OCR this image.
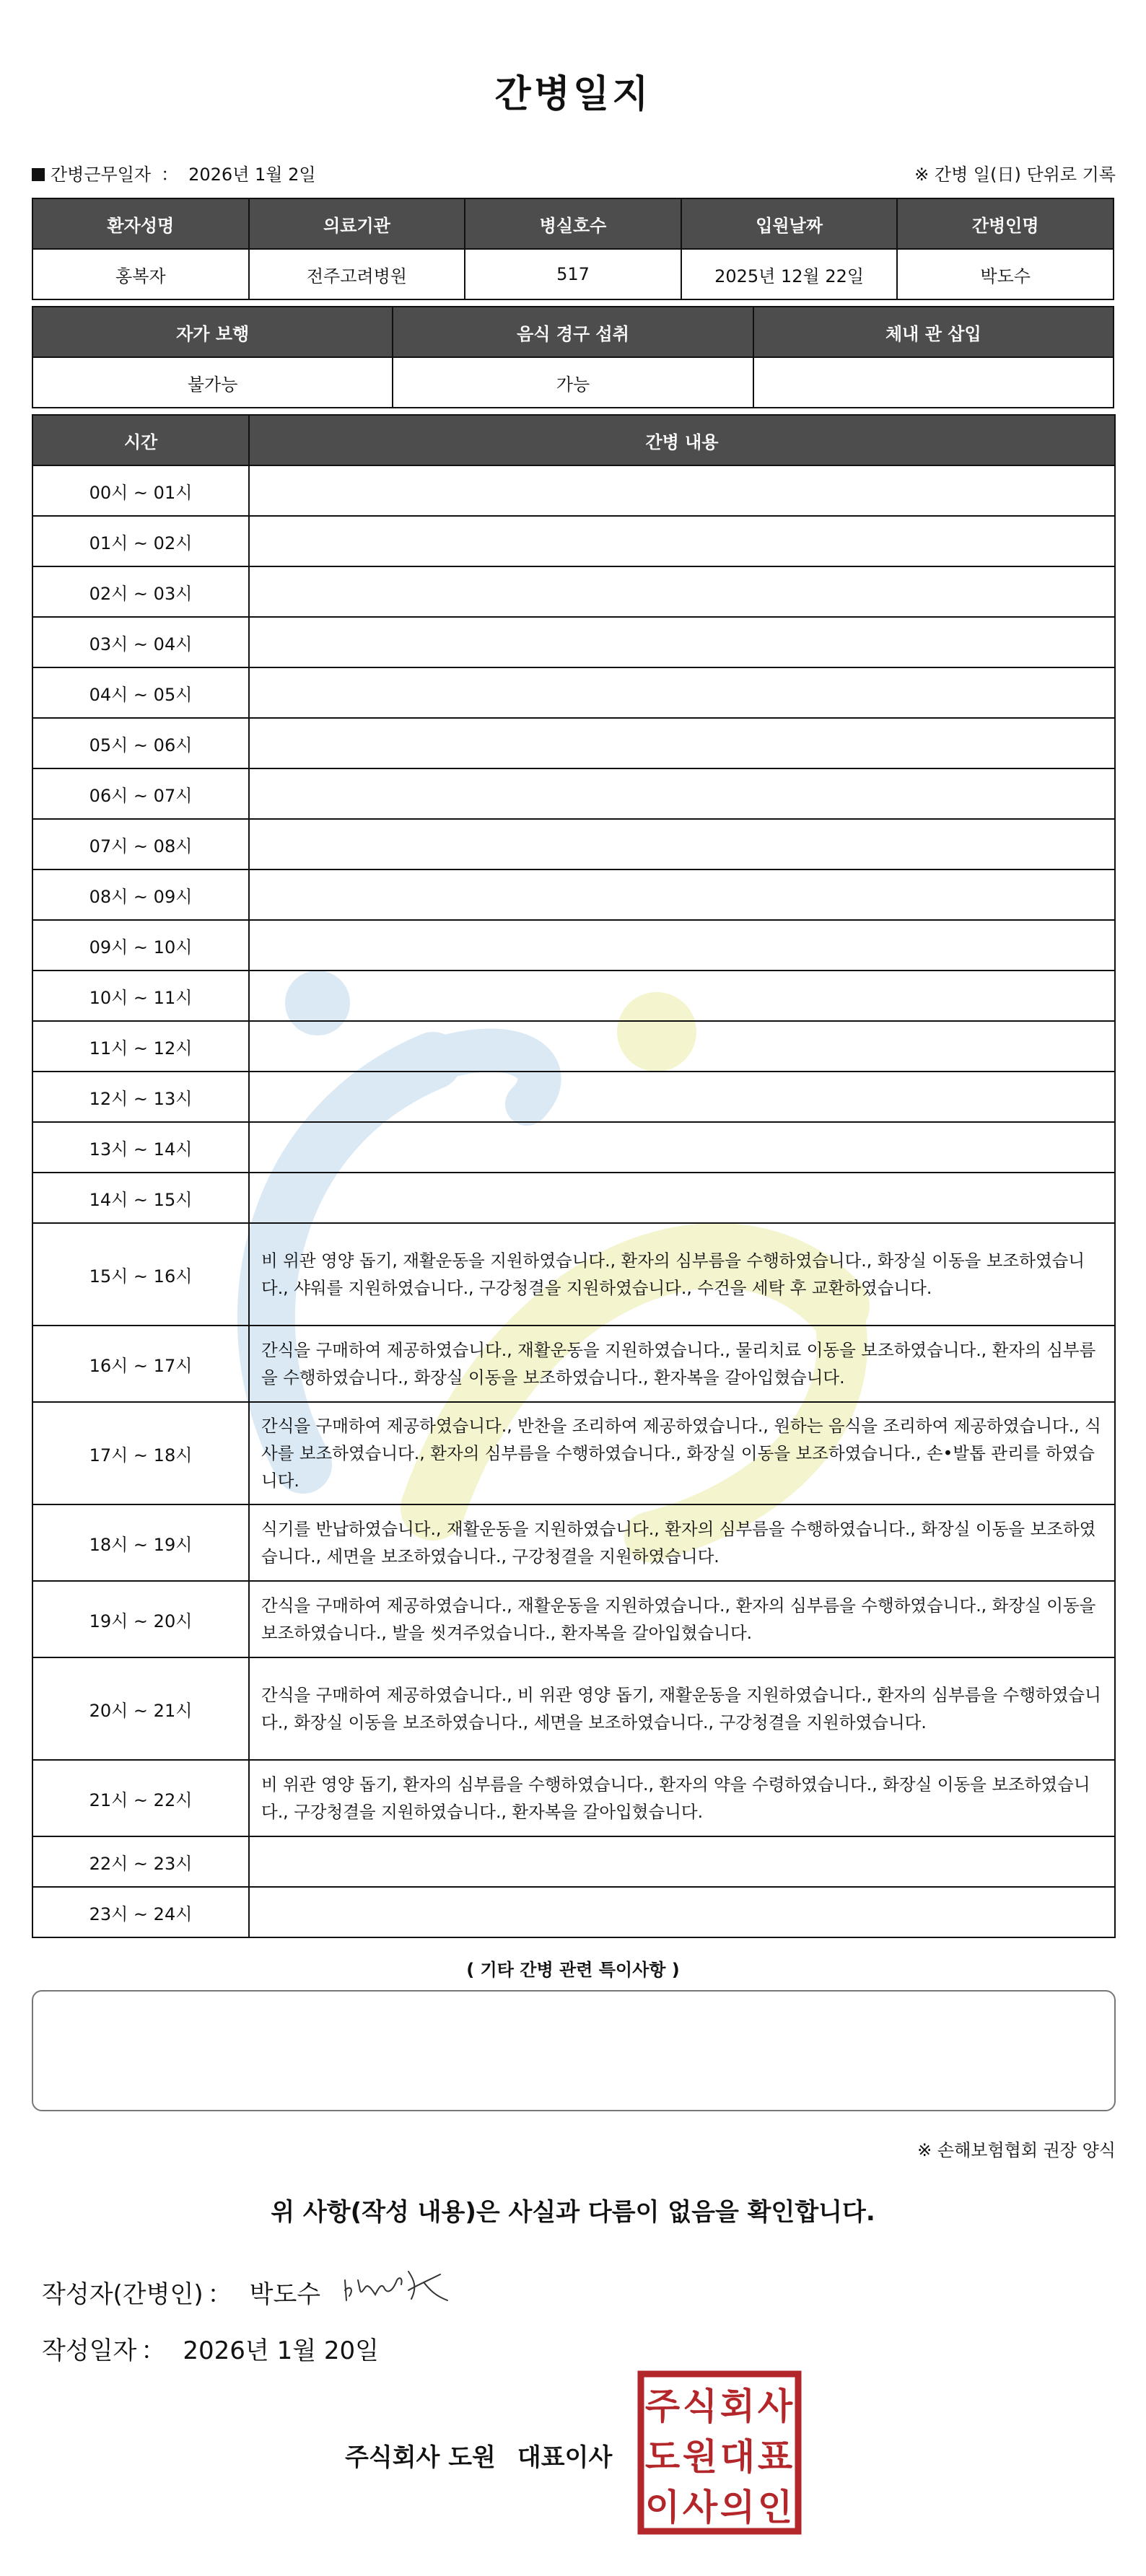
간병일지
간병근무일자 ： 2026년 1월 2일	※ 간병 일(日) 단위로 기록
환자성명	의료기관	병실호수	입원날짜	간병인명
홍복자	전주고려병원	517	2025년 12월 22일	박도수
자가 보행	음식 경구 섭취	체내 관 삽입
불가능	가능	
시간	간병 내용
00시 ~ 01시	
01시 ~ 02시	
02시 ~ 03시	
03시 ~ 04시	
04시 ~ 05시	
05시 ~ 06시	
06시 ~ 07시	
07시 ~ 08시	
08시 ~ 09시	
09시 ~ 10시	
10시 ~ 11시	
11시 ~ 12시	
12시 ~ 13시	
13시 ~ 14시	
14시 ~ 15시	
15시 ~ 16시	비 위관 영양 돕기, 재활운동을 지원하였습니다., 환자의 심부름을 수행하였습니다., 화장실 이동을 보조하였습니다., 샤워를 지원하였습니다., 구강청결을 지원하였습니다., 수건을 세탁 후 교환하였습니다.
16시 ~ 17시	간식을 구매하여 제공하였습니다., 재활운동을 지원하였습니다., 물리치료 이동을 보조하였습니다., 환자의 심부름을 수행하였습니다., 화장실 이동을 보조하였습니다., 환자복을 갈아입혔습니다.
17시 ~ 18시	간식을 구매하여 제공하였습니다., 반찬을 조리하여 제공하였습니다., 원하는 음식을 조리하여 제공하였습니다., 식사를 보조하였습니다., 환자의 심부름을 수행하였습니다., 화장실 이동을 보조하였습니다., 손•발톱 관리를 하였습니다.
18시 ~ 19시	식기를 반납하였습니다., 재활운동을 지원하였습니다., 환자의 심부름을 수행하였습니다., 화장실 이동을 보조하였습니다., 세면을 보조하였습니다., 구강청결을 지원하였습니다.
19시 ~ 20시	간식을 구매하여 제공하였습니다., 재활운동을 지원하였습니다., 환자의 심부름을 수행하였습니다., 화장실 이동을 보조하였습니다., 발을 씻겨주었습니다., 환자복을 갈아입혔습니다.
20시 ~ 21시	간식을 구매하여 제공하였습니다., 비 위관 영양 돕기, 재활운동을 지원하였습니다., 환자의 심부름을 수행하였습니다., 화장실 이동을 보조하였습니다., 세면을 보조하였습니다., 구강청결을 지원하였습니다.
21시 ~ 22시	비 위관 영양 돕기, 환자의 심부름을 수행하였습니다., 환자의 약을 수령하였습니다., 화장실 이동을 보조하였습니다., 구강청결을 지원하였습니다., 환자복을 갈아입혔습니다.
22시 ~ 23시	
23시 ~ 24시	
( 기타 간병 관련 특이사항 )
※ 손해보험협회 권장 양식
위 사항(작성 내용)은 사실과 다름이 없음을 확인합니다.
작성자(간병인) ： 박도수
작성일자 ： 2026년 1월 20일
주식회사 도원 대표이사
주 식 회 사
도 원 대 표
이 사 의 인
